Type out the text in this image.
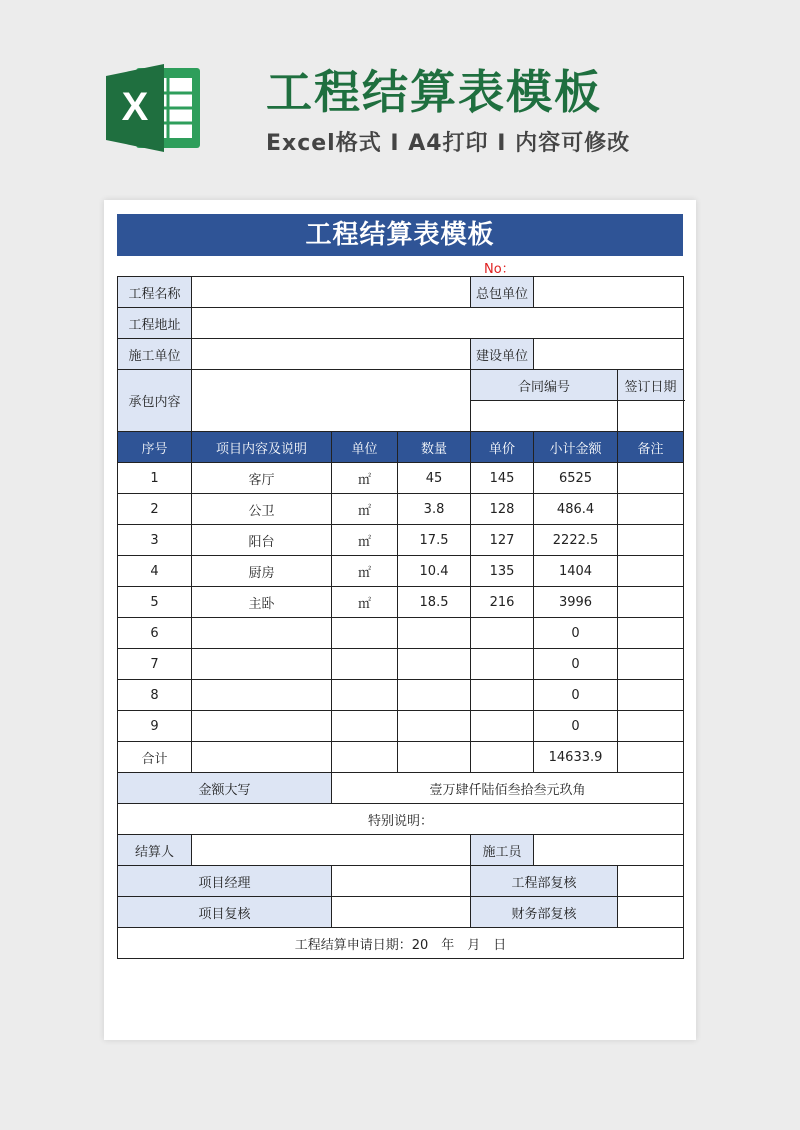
X	工程结算表模板
Excel格式 I A4打印 I 内容可修改
工程结算表模板
No：
工程名称				总包单位		
工程地址						
施工单位				建设单位		
承包内容				合同编号		签订日期

序号	项目内容及说明	单位	数量	单价	小计金额	备注
1	客厅	㎡	45	145	6525	
2	公卫	㎡	3.8	128	486.4	
3	阳台	㎡	17.5	127	2222.5	
4	厨房	㎡	10.4	135	1404	
5	主卧	㎡	18.5	216	3996	
6					0	
7					0	
8					0	
9					0	
合计					14633.9	
金额大写		壹万肆仟陆佰叁拾叁元玖角				
特别说明：						
结算人				施工员		
项目经理				工程部复核		
项目复核				财务部复核		
工程结算申请日期：20　年　月　日						
